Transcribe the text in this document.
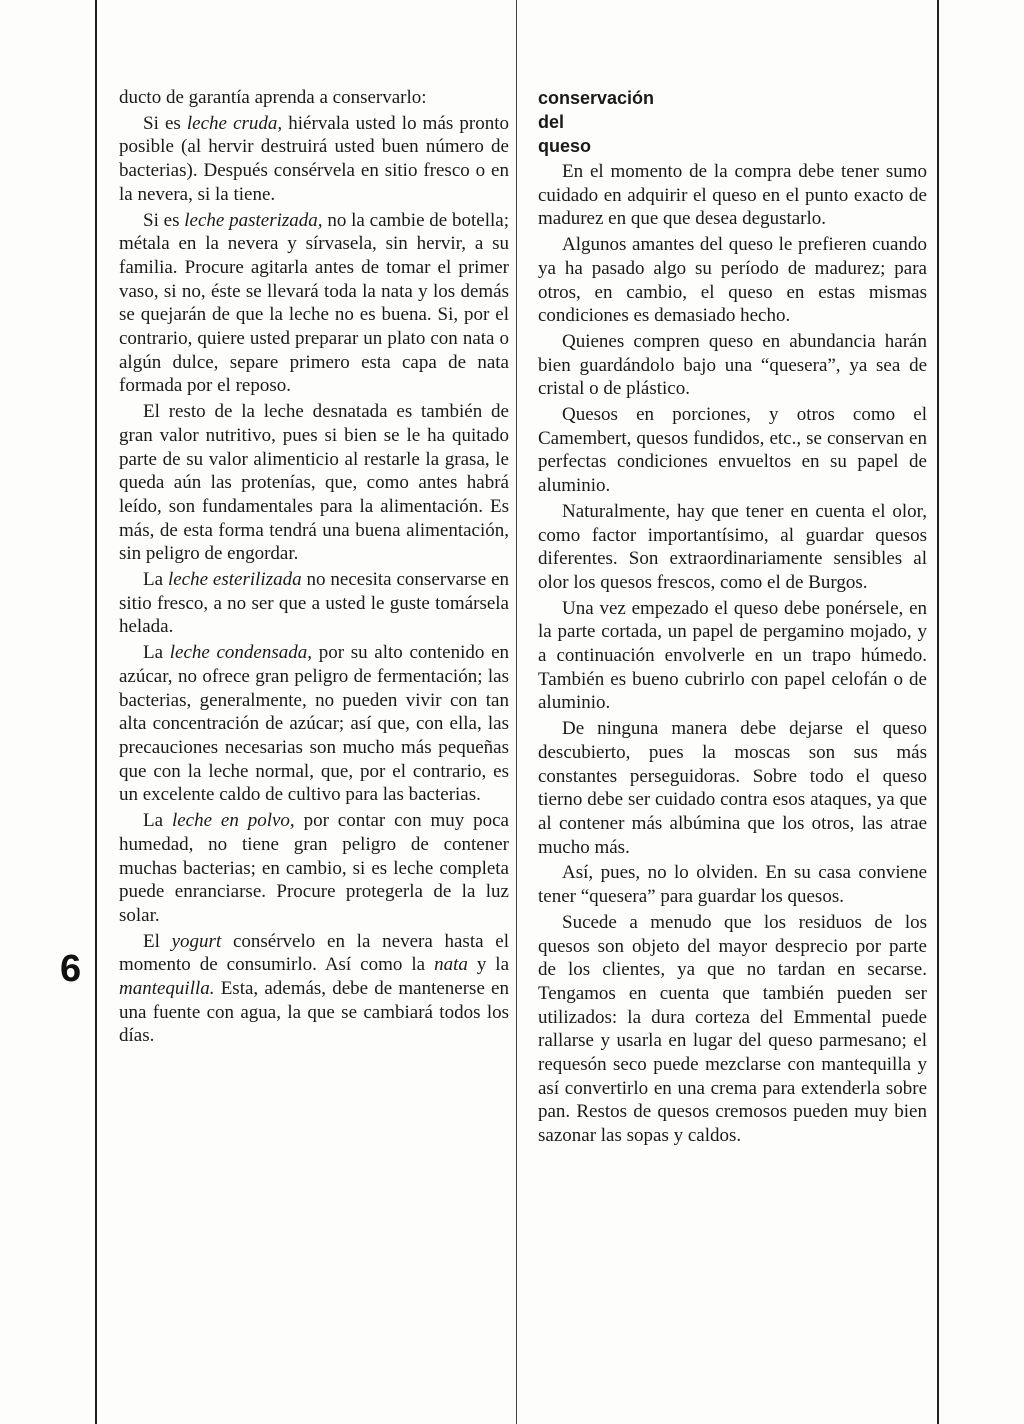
6

ducto de garantía aprenda a conservarlo:

Si es leche cruda, hiérvala usted lo más pronto posible (al hervir destruirá usted buen número de bacterias). Después consérvela en sitio fresco o en la nevera, si la tiene.

Si es leche pasterizada, no la cambie de botella; métala en la nevera y sírvasela, sin hervir, a su familia. Procure agitarla antes de tomar el primer vaso, si no, éste se llevará toda la nata y los demás se quejarán de que la leche no es buena. Si, por el contrario, quiere usted preparar un plato con nata o algún dulce, separe primero esta capa de nata formada por el reposo.

El resto de la leche desnatada es también de gran valor nutritivo, pues si bien se le ha quitado parte de su valor alimenticio al restarle la grasa, le queda aún las protenías, que, como antes habrá leído, son fundamentales para la alimentación. Es más, de esta forma tendrá una buena alimentación, sin peligro de engordar.

La leche esterilizada no necesita conservarse en sitio fresco, a no ser que a usted le guste tomársela helada.

La leche condensada, por su alto contenido en azúcar, no ofrece gran peligro de fermentación; las bacterias, generalmente, no pueden vivir con tan alta concentración de azúcar; así que, con ella, las precauciones necesarias son mucho más pequeñas que con la leche normal, que, por el contrario, es un excelente caldo de cultivo para las bacterias.

La leche en polvo, por contar con muy poca humedad, no tiene gran peligro de contener muchas bacterias; en cambio, si es leche completa puede enranciarse. Procure protegerla de la luz solar.

El yogurt consérvelo en la nevera hasta el momento de consumirlo. Así como la nata y la mantequilla. Esta, además, debe de mantenerse en una fuente con agua, la que se cambiará todos los días.

conservación
del
queso

En el momento de la compra debe tener sumo cuidado en adquirir el queso en el punto exacto de madurez en que que desea degustarlo.

Algunos amantes del queso le prefieren cuando ya ha pasado algo su período de madurez; para otros, en cambio, el queso en estas mismas condiciones es demasiado hecho.

Quienes compren queso en abundancia harán bien guardándolo bajo una “quesera”, ya sea de cristal o de plástico.

Quesos en porciones, y otros como el Camembert, quesos fundidos, etc., se conservan en perfectas condiciones envueltos en su papel de aluminio.

Naturalmente, hay que tener en cuenta el olor, como factor importantísimo, al guardar quesos diferentes. Son extraordinariamente sensibles al olor los quesos frescos, como el de Burgos.

Una vez empezado el queso debe ponérsele, en la parte cortada, un papel de pergamino mojado, y a continuación envolverle en un trapo húmedo. También es bueno cubrirlo con papel celofán o de aluminio.

De ninguna manera debe dejarse el queso descubierto, pues la moscas son sus más constantes perseguidoras. Sobre todo el queso tierno debe ser cuidado contra esos ataques, ya que al contener más albúmina que los otros, las atrae mucho más.

Así, pues, no lo olviden. En su casa conviene tener “quesera” para guardar los quesos.

Sucede a menudo que los residuos de los quesos son objeto del mayor desprecio por parte de los clientes, ya que no tardan en secarse. Tengamos en cuenta que también pueden ser utilizados: la dura corteza del Emmental puede rallarse y usarla en lugar del queso parmesano; el requesón seco puede mezclarse con mantequilla y así convertirlo en una crema para extenderla sobre pan. Restos de quesos cremosos pueden muy bien sazonar las sopas y caldos.
